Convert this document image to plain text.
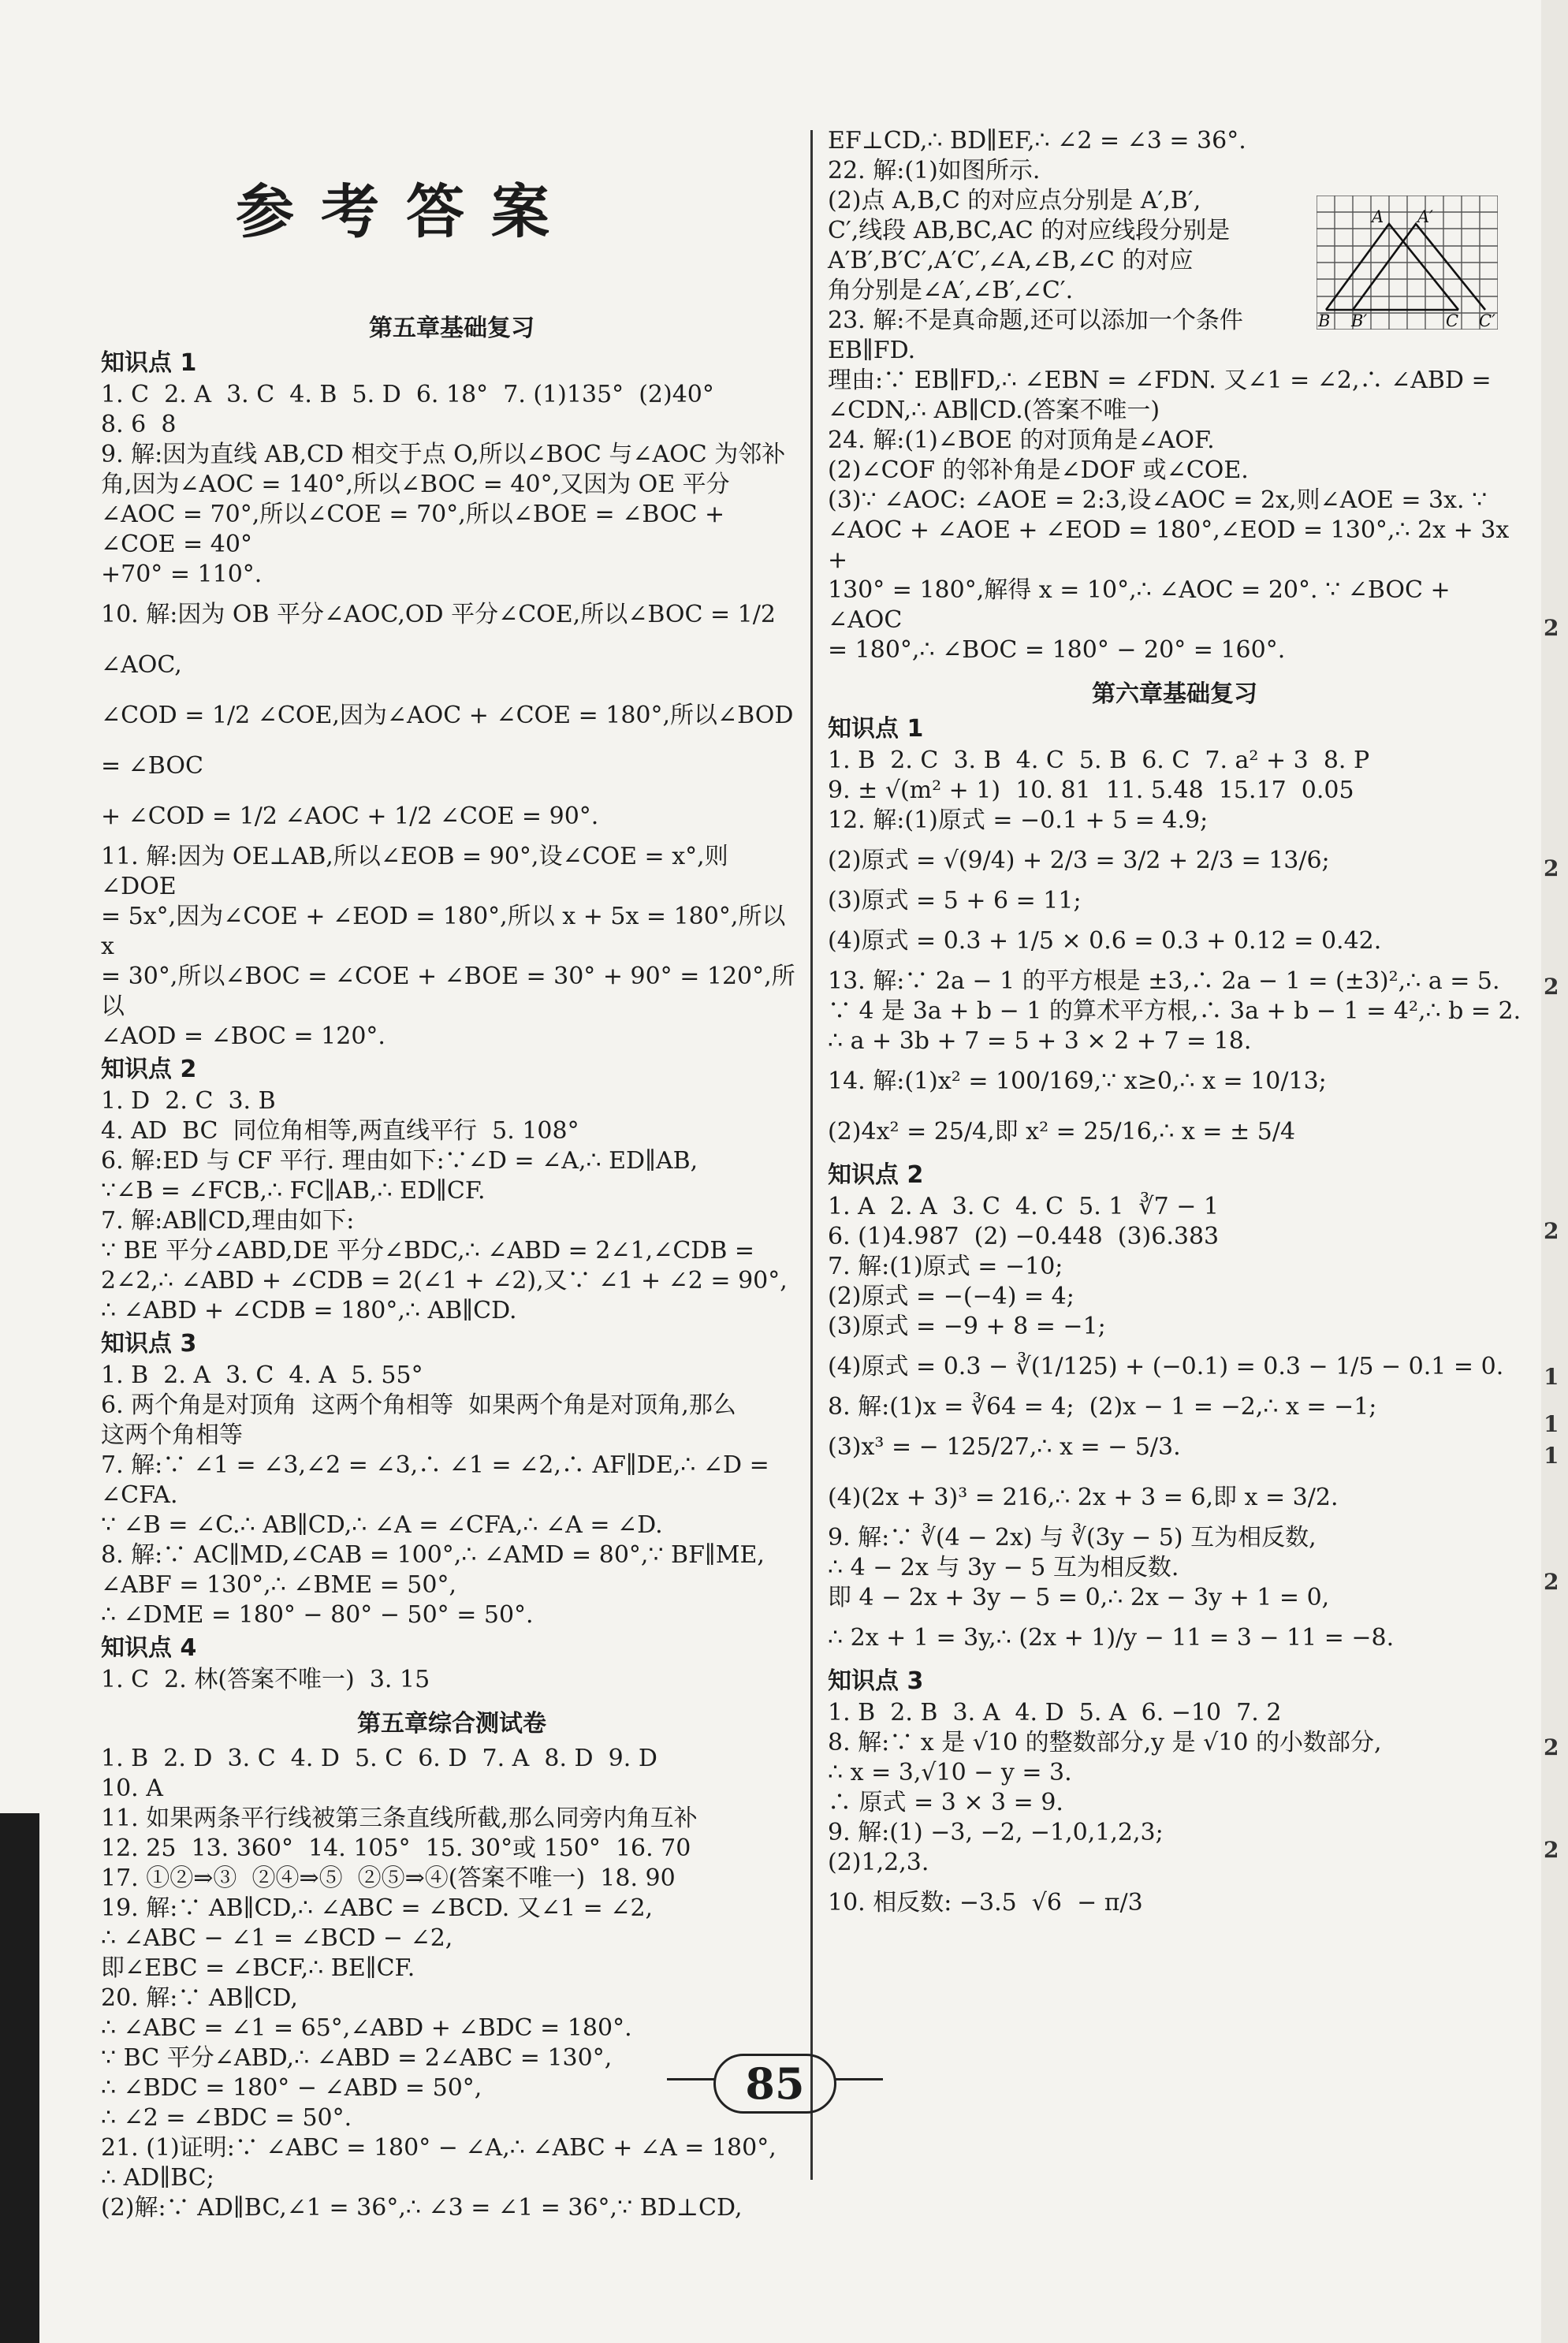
参考答案
第五章基础复习
知识点 1
1. C  2. A  3. C  4. B  5. D  6. 18°  7. (1)135°  (2)40°
8. 6  8
9. 解:因为直线 AB,CD 相交于点 O,所以∠BOC 与∠AOC 为邻补
角,因为∠AOC = 140°,所以∠BOC = 40°,又因为 OE 平分
∠AOC = 70°,所以∠COE = 70°,所以∠BOE = ∠BOC + ∠COE = 40°
+70° = 110°.
10. 解:因为 OB 平分∠AOC,OD 平分∠COE,所以∠BOC = 1/2 ∠AOC,
∠COD = 1/2 ∠COE,因为∠AOC + ∠COE = 180°,所以∠BOD = ∠BOC
+ ∠COD = 1/2 ∠AOC + 1/2 ∠COE = 90°.
11. 解:因为 OE⊥AB,所以∠EOB = 90°,设∠COE = x°,则∠DOE
= 5x°,因为∠COE + ∠EOD = 180°,所以 x + 5x = 180°,所以 x
= 30°,所以∠BOC = ∠COE + ∠BOE = 30° + 90° = 120°,所以
∠AOD = ∠BOC = 120°.
知识点 2
1. D  2. C  3. B
4. AD  BC  同位角相等,两直线平行  5. 108°
6. 解:ED 与 CF 平行. 理由如下:∵∠D = ∠A,∴ ED∥AB,
∵∠B = ∠FCB,∴ FC∥AB,∴ ED∥CF.
7. 解:AB∥CD,理由如下:
∵ BE 平分∠ABD,DE 平分∠BDC,∴ ∠ABD = 2∠1,∠CDB =
2∠2,∴ ∠ABD + ∠CDB = 2(∠1 + ∠2),又∵ ∠1 + ∠2 = 90°,
∴ ∠ABD + ∠CDB = 180°,∴ AB∥CD.
知识点 3
1. B  2. A  3. C  4. A  5. 55°
6. 两个角是对顶角  这两个角相等  如果两个角是对顶角,那么
这两个角相等
7. 解:∵ ∠1 = ∠3,∠2 = ∠3,∴ ∠1 = ∠2,∴ AF∥DE,∴ ∠D =
∠CFA.
∵ ∠B = ∠C.∴ AB∥CD,∴ ∠A = ∠CFA,∴ ∠A = ∠D.
8. 解:∵ AC∥MD,∠CAB = 100°,∴ ∠AMD = 80°,∵ BF∥ME,
∠ABF = 130°,∴ ∠BME = 50°,
∴ ∠DME = 180° − 80° − 50° = 50°.
知识点 4
1. C  2. 林(答案不唯一)  3. 15
第五章综合测试卷
1. B  2. D  3. C  4. D  5. C  6. D  7. A  8. D  9. D
10. A
11. 如果两条平行线被第三条直线所截,那么同旁内角互补
12. 25  13. 360°  14. 105°  15. 30°或 150°  16. 70
17. ①②⇒③  ②④⇒⑤  ②⑤⇒④(答案不唯一)  18. 90
19. 解:∵ AB∥CD,∴ ∠ABC = ∠BCD. 又∠1 = ∠2,
∴ ∠ABC − ∠1 = ∠BCD − ∠2,
即∠EBC = ∠BCF,∴ BE∥CF.
20. 解:∵ AB∥CD,
∴ ∠ABC = ∠1 = 65°,∠ABD + ∠BDC = 180°.
∵ BC 平分∠ABD,∴ ∠ABD = 2∠ABC = 130°,
∴ ∠BDC = 180° − ∠ABD = 50°,
∴ ∠2 = ∠BDC = 50°.
21. (1)证明:∵ ∠ABC = 180° − ∠A,∴ ∠ABC + ∠A = 180°,
∴ AD∥BC;
(2)解:∵ AD∥BC,∠1 = 36°,∴ ∠3 = ∠1 = 36°,∵ BD⊥CD,
EF⊥CD,∴ BD∥EF,∴ ∠2 = ∠3 = 36°.
22. 解:(1)如图所示.
(2)点 A,B,C 的对应点分别是 A′,B′,
C′,线段 AB,BC,AC 的对应线段分别是
A′B′,B′C′,A′C′,∠A,∠B,∠C 的对应
角分别是∠A′,∠B′,∠C′.
23. 解:不是真命题,还可以添加一个条件
EB∥FD.
理由:∵ EB∥FD,∴ ∠EBN = ∠FDN. 又∠1 = ∠2,∴ ∠ABD =
∠CDN,∴ AB∥CD.(答案不唯一)
24. 解:(1)∠BOE 的对顶角是∠AOF.
(2)∠COF 的邻补角是∠DOF 或∠COE.
(3)∵ ∠AOC: ∠AOE = 2:3,设∠AOC = 2x,则∠AOE = 3x. ∵
∠AOC + ∠AOE + ∠EOD = 180°,∠EOD = 130°,∴ 2x + 3x +
130° = 180°,解得 x = 10°,∴ ∠AOC = 20°. ∵ ∠BOC + ∠AOC
= 180°,∴ ∠BOC = 180° − 20° = 160°.
第六章基础复习
知识点 1
1. B  2. C  3. B  4. C  5. B  6. C  7. a² + 3  8. P
9. ± √(m² + 1)  10. 81  11. 5.48  15.17  0.05
12. 解:(1)原式 = −0.1 + 5 = 4.9;
(2)原式 = √(9/4) + 2/3 = 3/2 + 2/3 = 13/6;
(3)原式 = 5 + 6 = 11;
(4)原式 = 0.3 + 1/5 × 0.6 = 0.3 + 0.12 = 0.42.
13. 解:∵ 2a − 1 的平方根是 ±3,∴ 2a − 1 = (±3)²,∴ a = 5.
∵ 4 是 3a + b − 1 的算术平方根,∴ 3a + b − 1 = 4²,∴ b = 2.
∴ a + 3b + 7 = 5 + 3 × 2 + 7 = 18.
14. 解:(1)x² = 100/169,∵ x≥0,∴ x = 10/13;
(2)4x² = 25/4,即 x² = 25/16,∴ x = ± 5/4
知识点 2
1. A  2. A  3. C  4. C  5. 1  ∛7 − 1
6. (1)4.987  (2) −0.448  (3)6.383
7. 解:(1)原式 = −10;
(2)原式 = −(−4) = 4;
(3)原式 = −9 + 8 = −1;
(4)原式 = 0.3 − ∛(1/125) + (−0.1) = 0.3 − 1/5 − 0.1 = 0.
8. 解:(1)x = ∛64 = 4;  (2)x − 1 = −2,∴ x = −1;
(3)x³ = − 125/27,∴ x = − 5/3.
(4)(2x + 3)³ = 216,∴ 2x + 3 = 6,即 x = 3/2.
9. 解:∵ ∛(4 − 2x) 与 ∛(3y − 5) 互为相反数,
∴ 4 − 2x 与 3y − 5 互为相反数.
即 4 − 2x + 3y − 5 = 0,∴ 2x − 3y + 1 = 0,
∴ 2x + 1 = 3y,∴ (2x + 1)/y − 11 = 3 − 11 = −8.
知识点 3
1. B  2. B  3. A  4. D  5. A  6. −10  7. 2
8. 解:∵ x 是 √10 的整数部分,y 是 √10 的小数部分,
∴ x = 3,√10 − y = 3.
∴ 原式 = 3 × 3 = 9.
9. 解:(1) −3, −2, −1,0,1,2,3;
(2)1,2,3.
10. 相反数: −3.5  √6  − π/3
A A′
B B′	C C′
85
2
2
2
2
1
1
1
2
2
2
